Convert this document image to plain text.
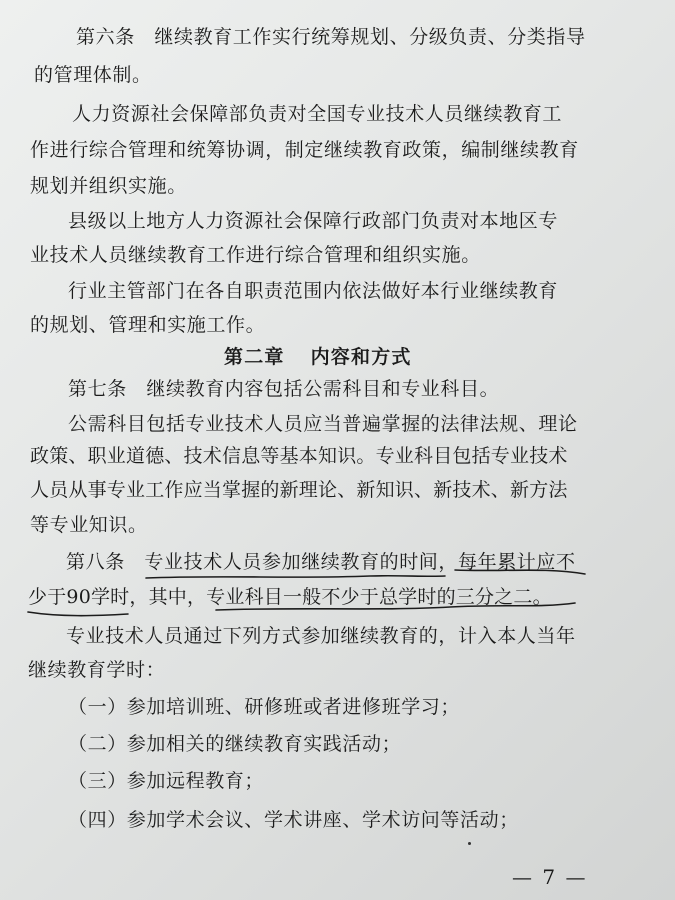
第六条　继续教育工作实行统筹规划、分级负责、分类指导
的管理体制。
人力资源社会保障部负责对全国专业技术人员继续教育工
作进行综合管理和统筹协调，制定继续教育政策，编制继续教育
规划并组织实施。
县级以上地方人力资源社会保障行政部门负责对本地区专
业技术人员继续教育工作进行综合管理和组织实施。
行业主管部门在各自职责范围内依法做好本行业继续教育
的规划、管理和实施工作。
第二章 内容和方式
第七条　继续教育内容包括公需科目和专业科目。
公需科目包括专业技术人员应当普遍掌握的法律法规、理论
政策、职业道德、技术信息等基本知识。专业科目包括专业技术
人员从事专业工作应当掌握的新理论、新知识、新技术、新方法
等专业知识。
第八条　专业技术人员参加继续教育的时间，每年累计应不
少于90学时，其中，专业科目一般不少于总学时的三分之二。
专业技术人员通过下列方式参加继续教育的，计入本人当年
继续教育学时：
（一）参加培训班、研修班或者进修班学习；
（二）参加相关的继续教育实践活动；
（三）参加远程教育；
（四）参加学术会议、学术讲座、学术访问等活动；
— 7 —
